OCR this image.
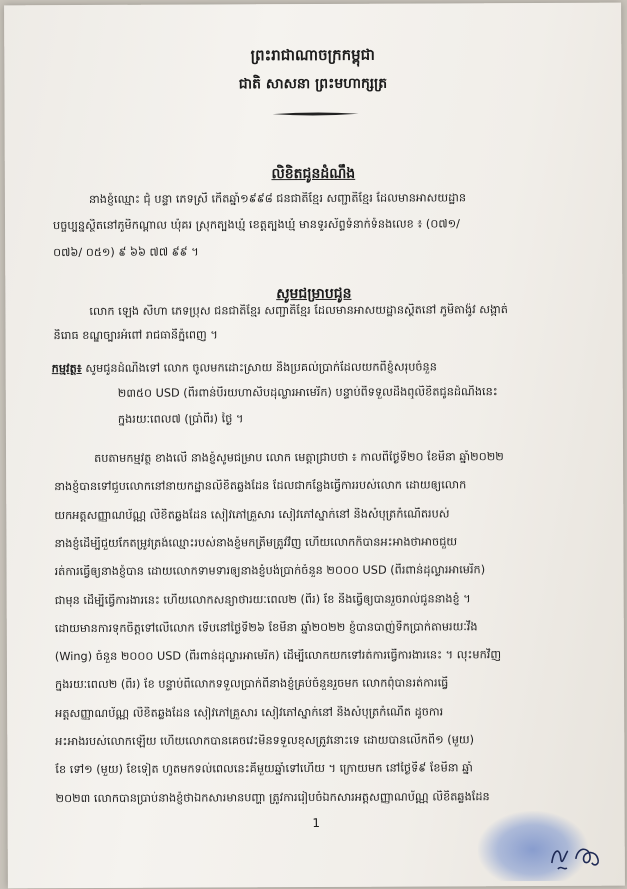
ព្រះរាជាណាចក្រកម្ពុជា
ជាតិ សាសនា ព្រះមហាក្សត្រ
លិខិតជូនដំណឹង
នាងខ្ញុំឈ្មោះ ជុំ បន្ទា ភេទស្រី កើតឆ្នាំ១៩៩៨ ជនជាតិខ្មែរ សញ្ជាតិខ្មែរ ដែលមានអាសយដ្ឋាន
បច្ចុប្បន្នស្ថិតនៅភូមិកណ្ដាល ឃុំគរ ស្រុកត្បូងឃ្មុំ ខេត្តត្បូងឃ្មុំ មានទូរស័ព្ទទំនាក់ទំនងលេខ ៖ (០៧១/
០៧៦/ ០៥១) ៩ ៦៦ ៧៧ ៩៩ ។
សូមជម្រាបជូន
លោក ឡេង សីហា ភេទប្រុស ជនជាតិខ្មែរ សញ្ជាតិខ្មែរ ដែលមានអាសយដ្ឋានស្ថិតនៅ ភូមិតាង៉ូវ សង្កាត់
និរោធ ខណ្ឌច្បារអំពៅ រាជធានីភ្នំពេញ ។
កម្មវត្ថុ៖ សូមជូនដំណឹងទៅ លោក ចូលមកដោះស្រាយ និងប្រគល់ប្រាក់ដែលយកពីខ្ញុំសរុបចំនួន
២៣៥០ USD (ពីរពាន់បីរយហាសិបដុល្លារអាមេរិក) បន្ទាប់ពីទទួលដឹងឮលិខិតជូនដំណឹងនេះ
ក្នុងរយៈពេល៧ (ប្រាំពីរ) ថ្ងៃ ។
តបតាមកម្មវត្ថុ ខាងលើ នាងខ្ញុំសូមជម្រាប លោក មេត្តាជ្រាបថា ៖ កាលពីថ្ងៃទី២០ ខែមីនា ឆ្នាំ២០២២
នាងខ្ញុំបានទៅជួបលោកនៅនាយកដ្ឋានលិខិតឆ្លងដែន ដែលជាកន្លែងធ្វើការរបស់លោក ដោយឲ្យលោក
យកអត្តសញ្ញាណប័ណ្ណ លិខិតឆ្លងដែន សៀវភៅគ្រួសារ សៀវភៅស្នាក់នៅ និងសំបុត្រកំណើតរបស់
នាងខ្ញុំដើម្បីជួយកែតម្រូវត្រង់ឈ្មោះរបស់នាងខ្ញុំមកត្រឹមត្រូវវិញ ហើយលោកក៏បានអះអាងថាអាចជួយ
រត់ការធ្វើឲ្យនាងខ្ញុំបាន ដោយលោកទាមទារឲ្យនាងខ្ញុំបង់ប្រាក់ចំនួន ២០០០ USD (ពីរពាន់ដុល្លារអាមេរិក)
ជាមុន ដើម្បីធ្វើការងារនេះ ហើយលោកសន្យាថារយៈពេល២ (ពីរ) ខែ នឹងធ្វើឲ្យបានរួចរាល់ជូននាងខ្ញុំ ។
ដោយមានការទុកចិត្តទៅលើលោក ទើបនៅថ្ងៃទី២៦ ខែមីនា ឆ្នាំ២០២២ ខ្ញុំបានបាញ់ទឹកប្រាក់តាមរយៈវីង
(Wing) ចំនួន ២០០០ USD (ពីរពាន់ដុល្លារអាមេរិក) ដើម្បីលោកយកទៅរត់ការធ្វើការងារនេះ ។ លុះមកវិញ
ក្នុងរយៈពេល២ (ពីរ) ខែ បន្ទាប់ពីលោកទទួលប្រាក់ពីនាងខ្ញុំគ្រប់ចំនួនរួចមក លោកពុំបានរត់ការធ្វើ
អត្តសញ្ញាណប័ណ្ណ លិខិតឆ្លងដែន សៀវភៅគ្រួសារ សៀវភៅស្នាក់នៅ និងសំបុត្រកំណើត ដូចការ
អះអាងរបស់លោកឡើយ ហើយលោកបានគេចវេះមិនទទួលខុសត្រូវនោះទេ ដោយបានលើកពី១ (មួយ)
ខែ ទៅ១ (មួយ) ខែទៀត ហូតមកទល់ពេលនេះគឺមួយឆ្នាំទៅហើយ ។ ក្រោយមក នៅថ្ងៃទី៩ ខែមីនា ឆ្នាំ
២០២៣ លោកបានប្រាប់នាងខ្ញុំថាឯកសារមានបញ្ហា ត្រូវការរៀបចំឯកសារអត្តសញ្ញាណប័ណ្ណ លិខិតឆ្លងដែន
1
